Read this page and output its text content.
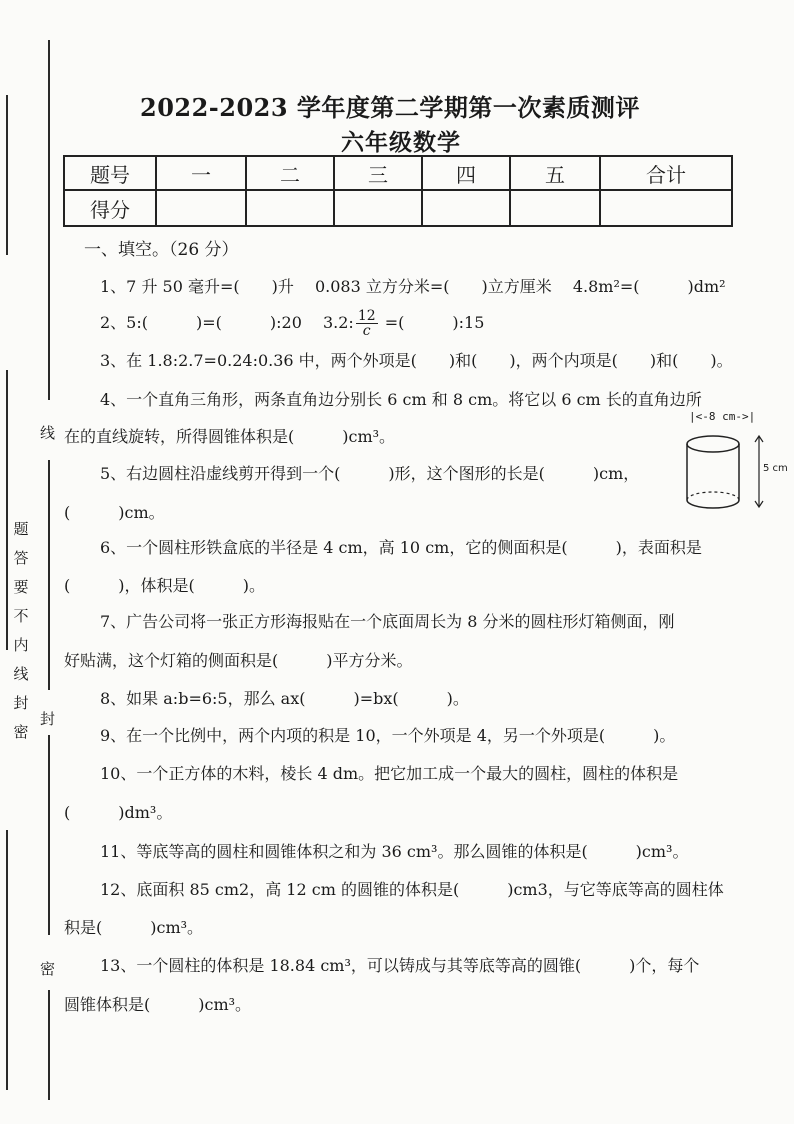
题
答
要
不
内
线
封
密
线
封
密
2022-2023 学年度第二学期第一次素质测评
六年级数学
题号	一	二	三	四	五	合计
得分						
一、填空。（26 分）
1、7 升 50 毫升=(　　)升　 0.083 立方分米=(　　)立方厘米　 4.8m²=(　　　)dm²
2、5:(　　　)=(　　　):20　 3.2: $\frac{12}{c}$ =(　　　):15
3、在 1.8:2.7=0.24:0.36 中，两个外项是(　　)和(　　)，两个内项是(　　)和(　　)。
4、一个直角三角形，两条直角边分别长 6 cm 和 8 cm。将它以 6 cm 长的直角边所
在的直线旋转，所得圆锥体积是(　　　)cm³。
5、右边圆柱沿虚线剪开得到一个(　　　)形，这个图形的长是(　　　)cm，
(　　　)cm。
6、一个圆柱形铁盒底的半径是 4 cm，高 10 cm，它的侧面积是(　　　)，表面积是
(　　　)，体积是(　　　)。
7、广告公司将一张正方形海报贴在一个底面周长为 8 分米的圆柱形灯箱侧面，刚
好贴满，这个灯箱的侧面积是(　　　)平方分米。
8、如果 a:b=6:5，那么 ax(　　　)=bx(　　　)。
9、在一个比例中，两个内项的积是 10，一个外项是 4，另一个外项是(　　　)。
10、一个正方体的木料，棱长 4 dm。把它加工成一个最大的圆柱，圆柱的体积是
(　　　)dm³。
11、等底等高的圆柱和圆锥体积之和为 36 cm³。那么圆锥的体积是(　　　)cm³。
12、底面积 85 cm2，高 12 cm 的圆锥的体积是(　　　)cm3，与它等底等高的圆柱体
积是(　　　)cm³。
13、一个圆柱的体积是 18.84 cm³，可以铸成与其等底等高的圆锥(　　　)个，每个
圆锥体积是(　　　)cm³。
|<-8 cm->|
5 cm
